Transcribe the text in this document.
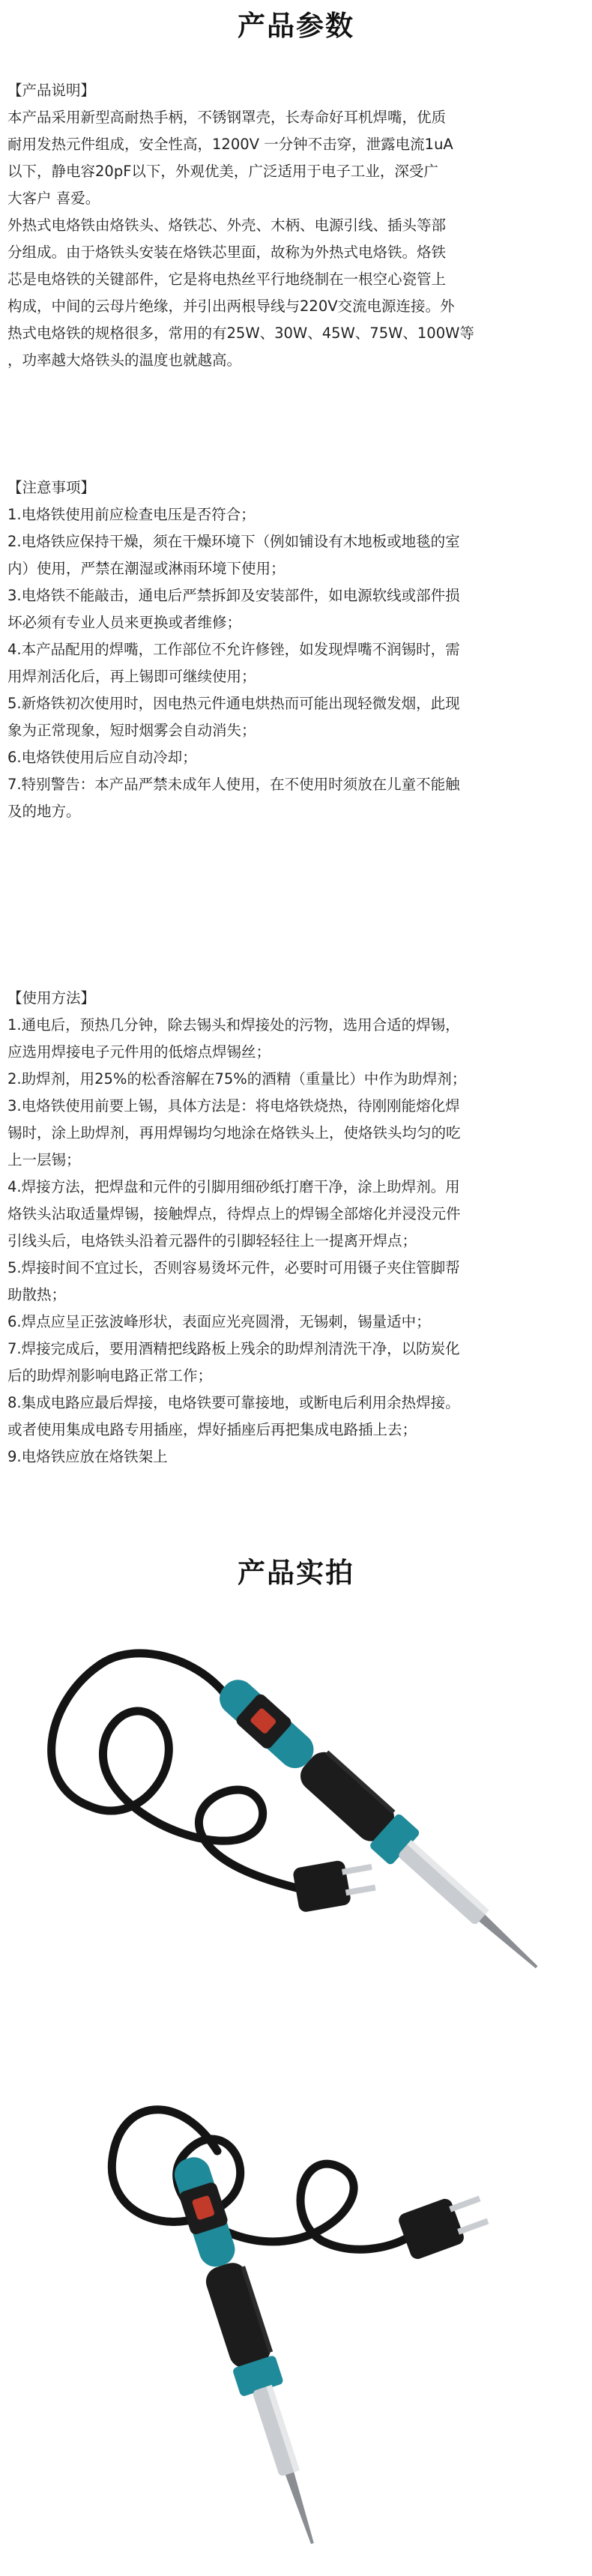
产品参数

【产品说明】

本产品采用新型高耐热手柄，不锈钢罩壳，长寿命好耳机焊嘴，优质

耐用发热元件组成，安全性高，1200V 一分钟不击穿，泄露电流1uA

以下，静电容20pF以下，外观优美，广泛适用于电子工业，深受广

大客户 喜爱。

外热式电烙铁由烙铁头、烙铁芯、外壳、木柄、电源引线、插头等部

分组成。由于烙铁头安装在烙铁芯里面，故称为外热式电烙铁。烙铁

芯是电烙铁的关键部件，它是将电热丝平行地绕制在一根空心瓷管上

构成，中间的云母片绝缘，并引出两根导线与220V交流电源连接。外

热式电烙铁的规格很多，常用的有25W、30W、45W、75W、100W等

，功率越大烙铁头的温度也就越高。

【注意事项】

1.电烙铁使用前应检查电压是否符合；

2.电烙铁应保持干燥，须在干燥环境下（例如铺设有木地板或地毯的室

内）使用，严禁在潮湿或淋雨环境下使用；

3.电烙铁不能敲击，通电后严禁拆卸及安装部件，如电源软线或部件损

坏必须有专业人员来更换或者维修；

4.本产品配用的焊嘴，工作部位不允许修锉，如发现焊嘴不润锡时，需

用焊剂活化后，再上锡即可继续使用；

5.新烙铁初次使用时，因电热元件通电烘热而可能出现轻微发烟，此现

象为正常现象，短时烟雾会自动消失；

6.电烙铁使用后应自动冷却；

7.特别警告：本产品严禁未成年人使用，在不使用时须放在儿童不能触

及的地方。

【使用方法】

1.通电后，预热几分钟，除去锡头和焊接处的污物，选用合适的焊锡，

应选用焊接电子元件用的低熔点焊锡丝；

2.助焊剂，用25%的松香溶解在75%的酒精（重量比）中作为助焊剂；

3.电烙铁使用前要上锡，具体方法是：将电烙铁烧热，待刚刚能熔化焊

锡时，涂上助焊剂，再用焊锡均匀地涂在烙铁头上，使烙铁头均匀的吃

上一层锡；

4.焊接方法，把焊盘和元件的引脚用细砂纸打磨干净，涂上助焊剂。用

烙铁头沾取适量焊锡，接触焊点，待焊点上的焊锡全部熔化并浸没元件

引线头后，电烙铁头沿着元器件的引脚轻轻往上一提离开焊点；

5.焊接时间不宜过长，否则容易烫坏元件，必要时可用镊子夹住管脚帮

助散热；

6.焊点应呈正弦波峰形状，表面应光亮圆滑，无锡刺，锡量适中；

7.焊接完成后，要用酒精把线路板上残余的助焊剂清洗干净，以防炭化

后的助焊剂影响电路正常工作；

8.集成电路应最后焊接，电烙铁要可靠接地，或断电后利用余热焊接。

或者使用集成电路专用插座，焊好插座后再把集成电路插上去；

9.电烙铁应放在烙铁架上

产品实拍
